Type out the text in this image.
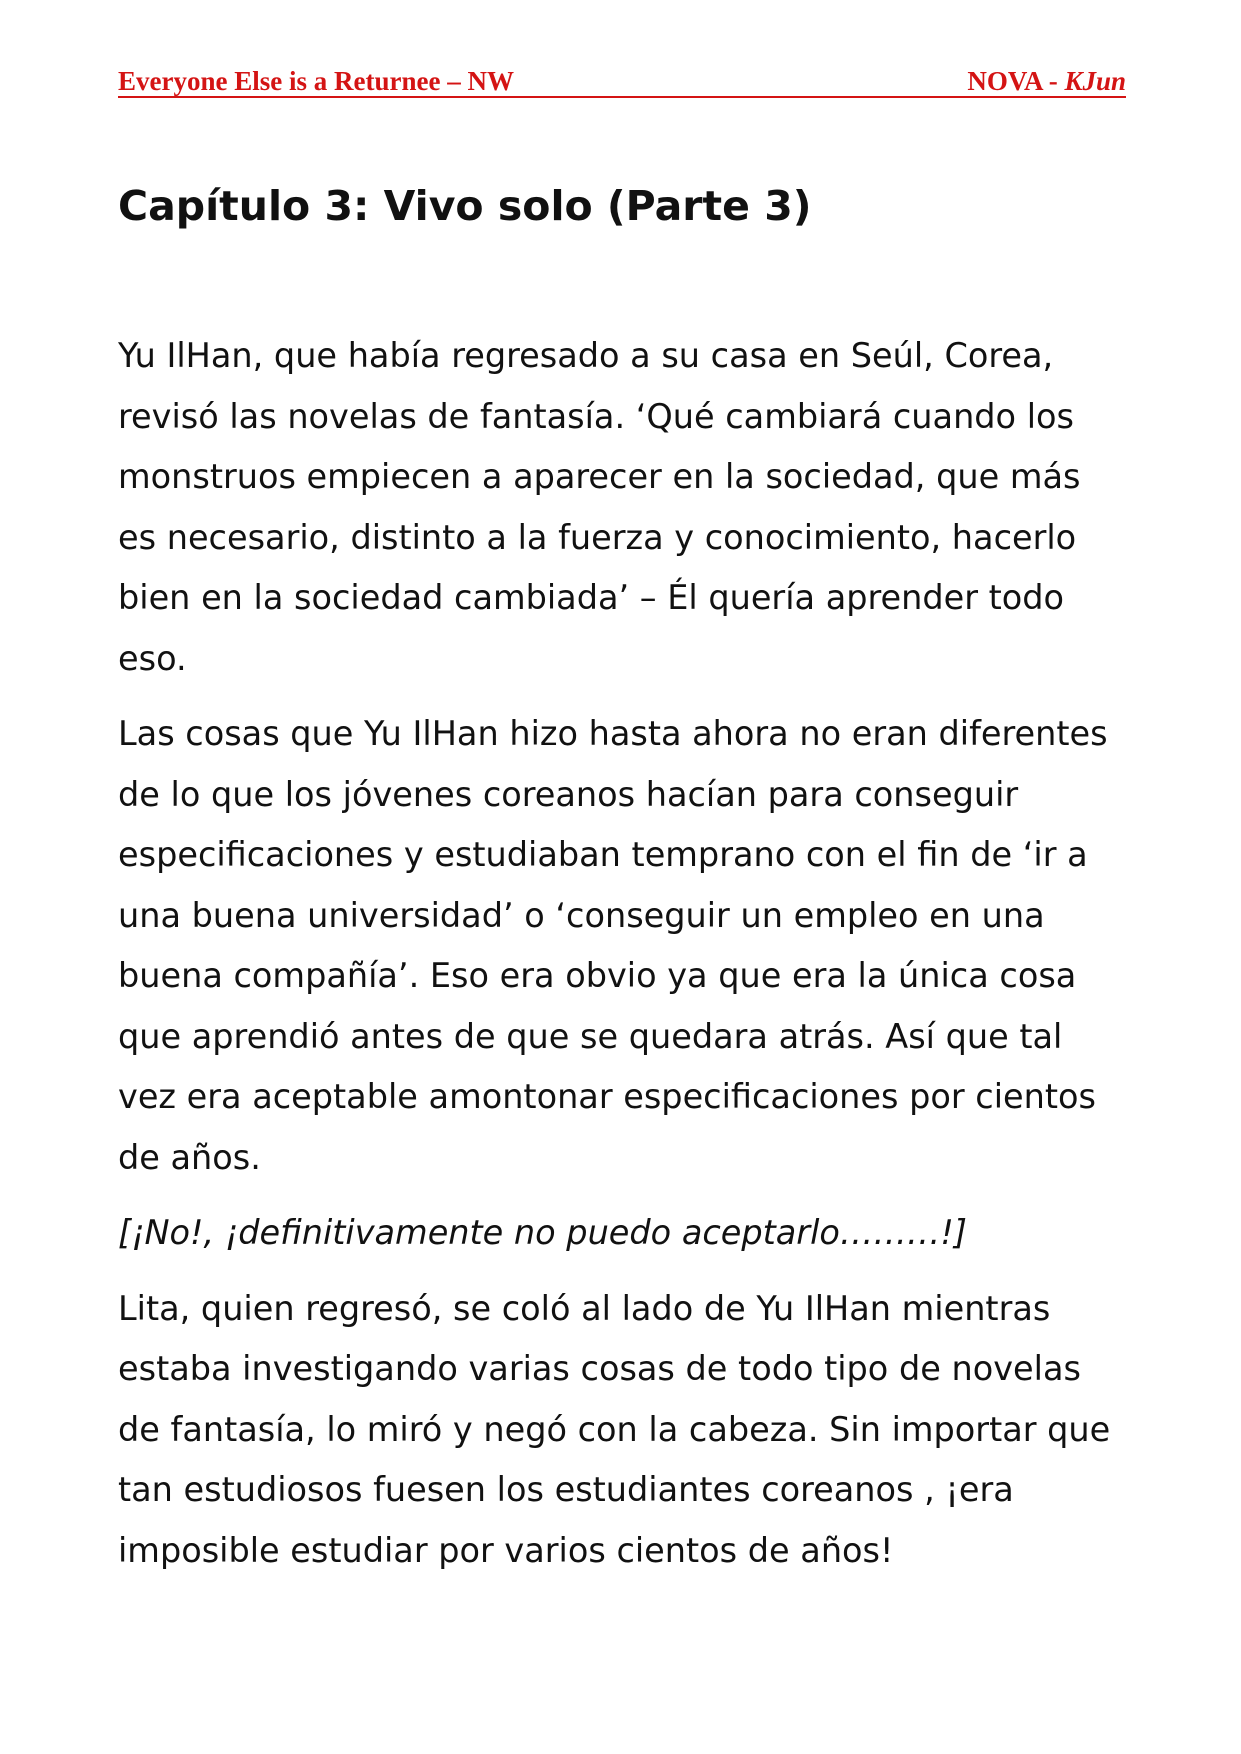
Everyone Else is a Returnee – NW	NOVA - KJun
Capítulo 3: Vivo solo (Parte 3)

Yu IlHan, que había regresado a su casa en Seúl, Corea, revisó las novelas de fantasía. ‘Qué cambiará cuando los monstruos empiecen a aparecer en la sociedad, que más es necesario, distinto a la fuerza y conocimiento, hacerlo bien en la sociedad cambiada’ – Él quería aprender todo eso.

Las cosas que Yu IlHan hizo hasta ahora no eran diferentes de lo que los jóvenes coreanos hacían para conseguir especificaciones y estudiaban temprano con el fin de ‘ir a una buena universidad’ o ‘conseguir un empleo en una buena compañía’. Eso era obvio ya que era la única cosa que aprendió antes de que se quedara atrás. Así que tal vez era aceptable amontonar especificaciones por cientos de años.

[¡No!, ¡definitivamente no puedo aceptarlo………!]

Lita, quien regresó, se coló al lado de Yu IlHan mientras estaba investigando varias cosas de todo tipo de novelas de fantasía, lo miró y negó con la cabeza. Sin importar que tan estudiosos fuesen los estudiantes coreanos , ¡era imposible estudiar por varios cientos de años!
